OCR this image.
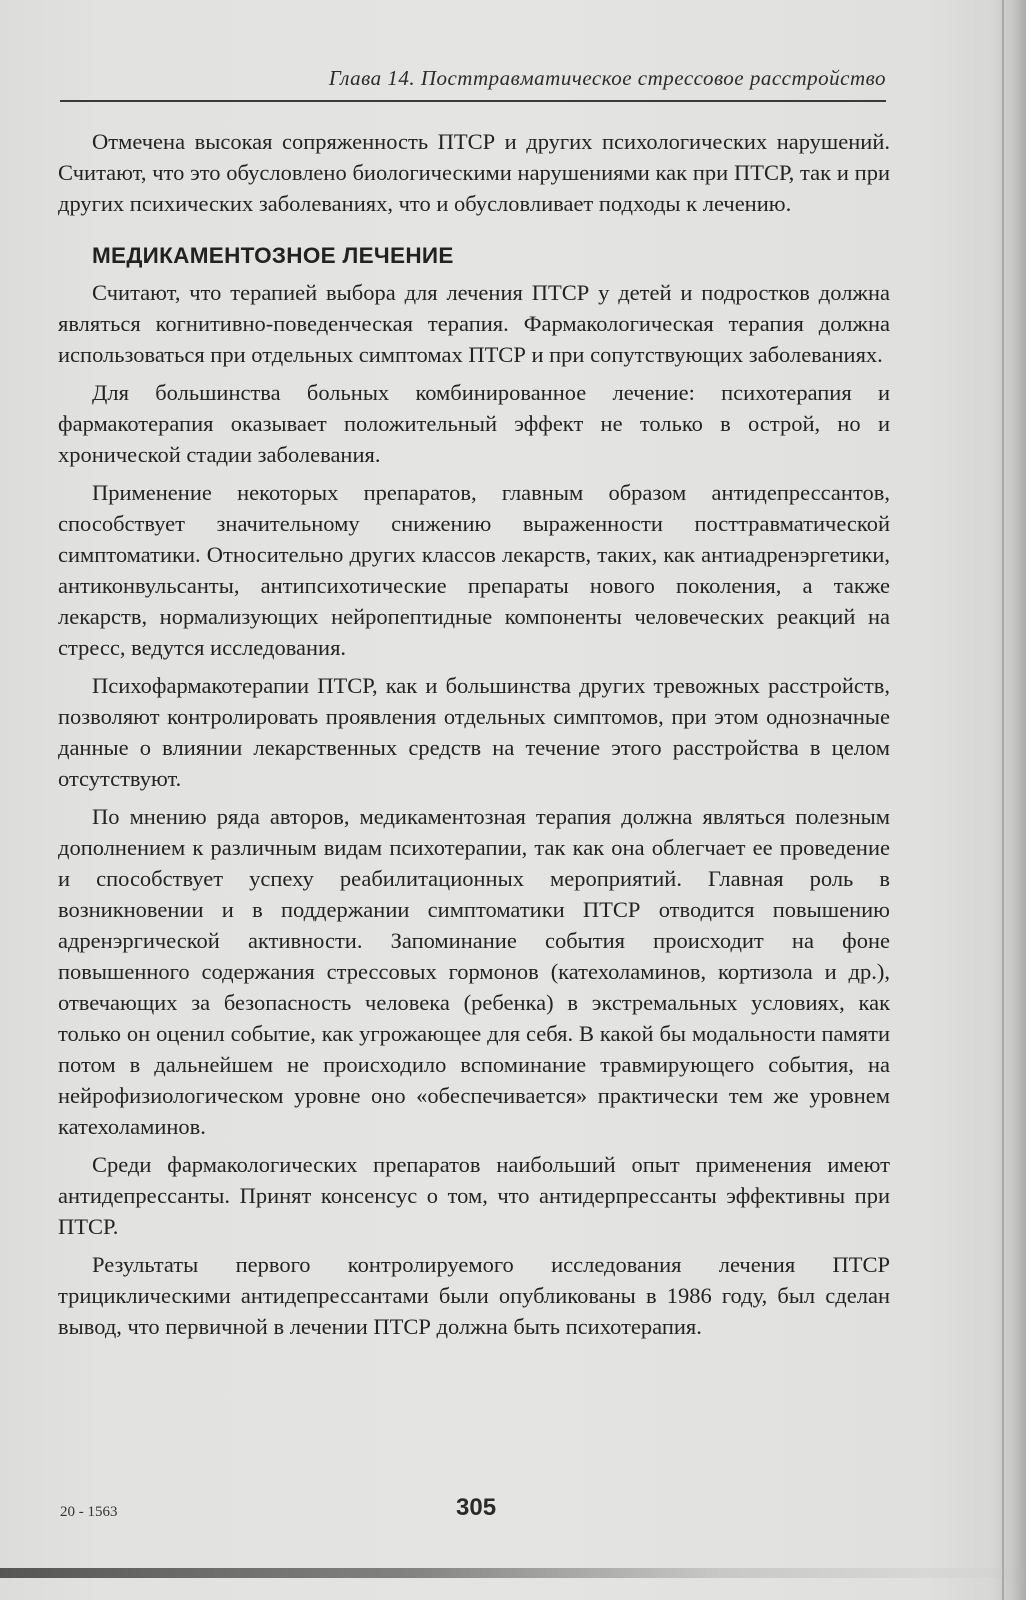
Глава 14. Посттравматическое стрессовое расстройство

Отмечена высокая сопряженность ПТСР и других психологических нарушений. Считают, что это обусловлено биологическими нарушениями как при ПТСР, так и при других психических заболеваниях, что и обусловливает подходы к лечению.

МЕДИКАМЕНТОЗНОЕ ЛЕЧЕНИЕ

Считают, что терапией выбора для лечения ПТСР у детей и подростков должна являться когнитивно-поведенческая терапия. Фармакологическая терапия должна использоваться при отдельных симптомах ПТСР и при сопутствующих заболеваниях.

Для большинства больных комбинированное лечение: психотерапия и фармакотерапия оказывает положительный эффект не только в острой, но и хронической стадии заболевания.

Применение некоторых препаратов, главным образом антидепрессантов, способствует значительному снижению выраженности посттравматической симптоматики. Относительно других классов лекарств, таких, как антиадренэргетики, антиконвульсанты, антипсихотические препараты нового поколения, а также лекарств, нормализующих нейропептидные компоненты человеческих реакций на стресс, ведутся исследования.

Психофармакотерапии ПТСР, как и большинства других тревожных расстройств, позволяют контролировать проявления отдельных симптомов, при этом однозначные данные о влиянии лекарственных средств на течение этого расстройства в целом отсутствуют.

По мнению ряда авторов, медикаментозная терапия должна являться полезным дополнением к различным видам психотерапии, так как она облегчает ее проведение и способствует успеху реабилитационных мероприятий. Главная роль в возникновении и в поддержании симптоматики ПТСР отводится повышению адренэргической активности. Запоминание события происходит на фоне повышенного содержания стрессовых гормонов (катехоламинов, кортизола и др.), отвечающих за безопасность человека (ребенка) в экстремальных условиях, как только он оценил событие, как угрожающее для себя. В какой бы модальности памяти потом в дальнейшем не происходило вспоминание травмирующего события, на нейрофизиологическом уровне оно «обеспечивается» практически тем же уровнем катехоламинов.

Среди фармакологических препаратов наибольший опыт применения имеют антидепрессанты. Принят консенсус о том, что антидерпрессанты эффективны при ПТСР.

Результаты первого контролируемого исследования лечения ПТСР трициклическими антидепрессантами были опубликованы в 1986 году, был сделан вывод, что первичной в лечении ПТСР должна быть психотерапия.

20 - 1563	305
